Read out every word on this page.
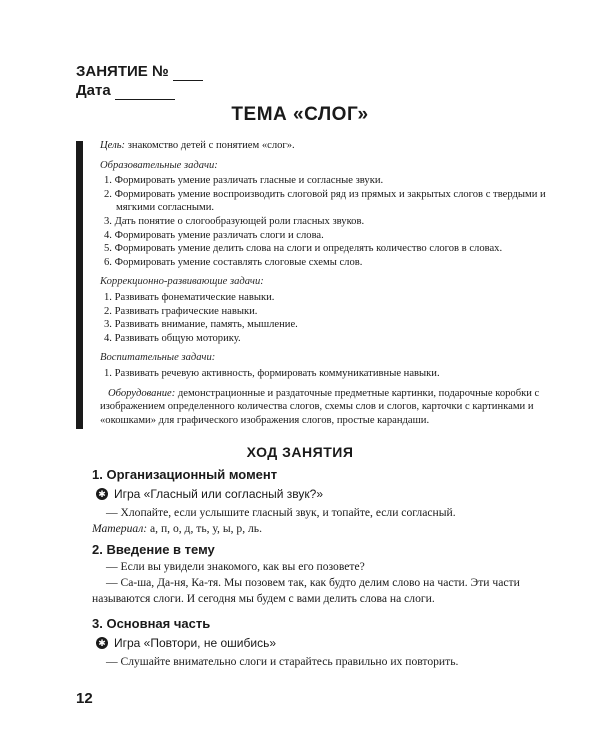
ЗАНЯТИЕ №
Дата
ТЕМА «СЛОГ»

Цель: знакомство детей с понятием «слог».

Образовательные задачи:

1. Формировать умение различать гласные и согласные звуки.
2. Формировать умение воспроизводить слоговой ряд из прямых и закрытых слогов с твердыми и мягкими согласными.
3. Дать понятие о слогообразующей роли гласных звуков.
4. Формировать умение различать слоги и слова.
5. Формировать умение делить слова на слоги и определять количество слогов в словах.
6. Формировать умение составлять слоговые схемы слов.

Коррекционно-развивающие задачи:

1. Развивать фонематические навыки.
2. Развивать графические навыки.
3. Развивать внимание, память, мышление.
4. Развивать общую моторику.

Воспитательные задачи:

1. Развивать речевую активность, формировать коммуникативные навыки.

Оборудование: демонстрационные и раздаточные предметные картинки, подарочные коробки с изображением определенного количества слогов, схемы слов и слогов, карточки с картинками и «окошками» для графического изображения слогов, простые карандаши.

ХОД ЗАНЯТИЯ

1. Организационный момент

✱ Игра «Гласный или согласный звук?»

— Хлопайте, если услышите гласный звук, и топайте, если согласный.

Материал: а, п, о, д, ть, у, ы, р, ль.

2. Введение в тему

— Если вы увидели знакомого, как вы его позовете?

— Са-ша, Да-ня, Ка-тя. Мы позовем так, как будто делим слово на части. Эти части называются слоги. И сегодня мы будем с вами делить слова на слоги.

3. Основная часть

✱ Игра «Повтори, не ошибись»

— Слушайте внимательно слоги и старайтесь правильно их повторить.

12
